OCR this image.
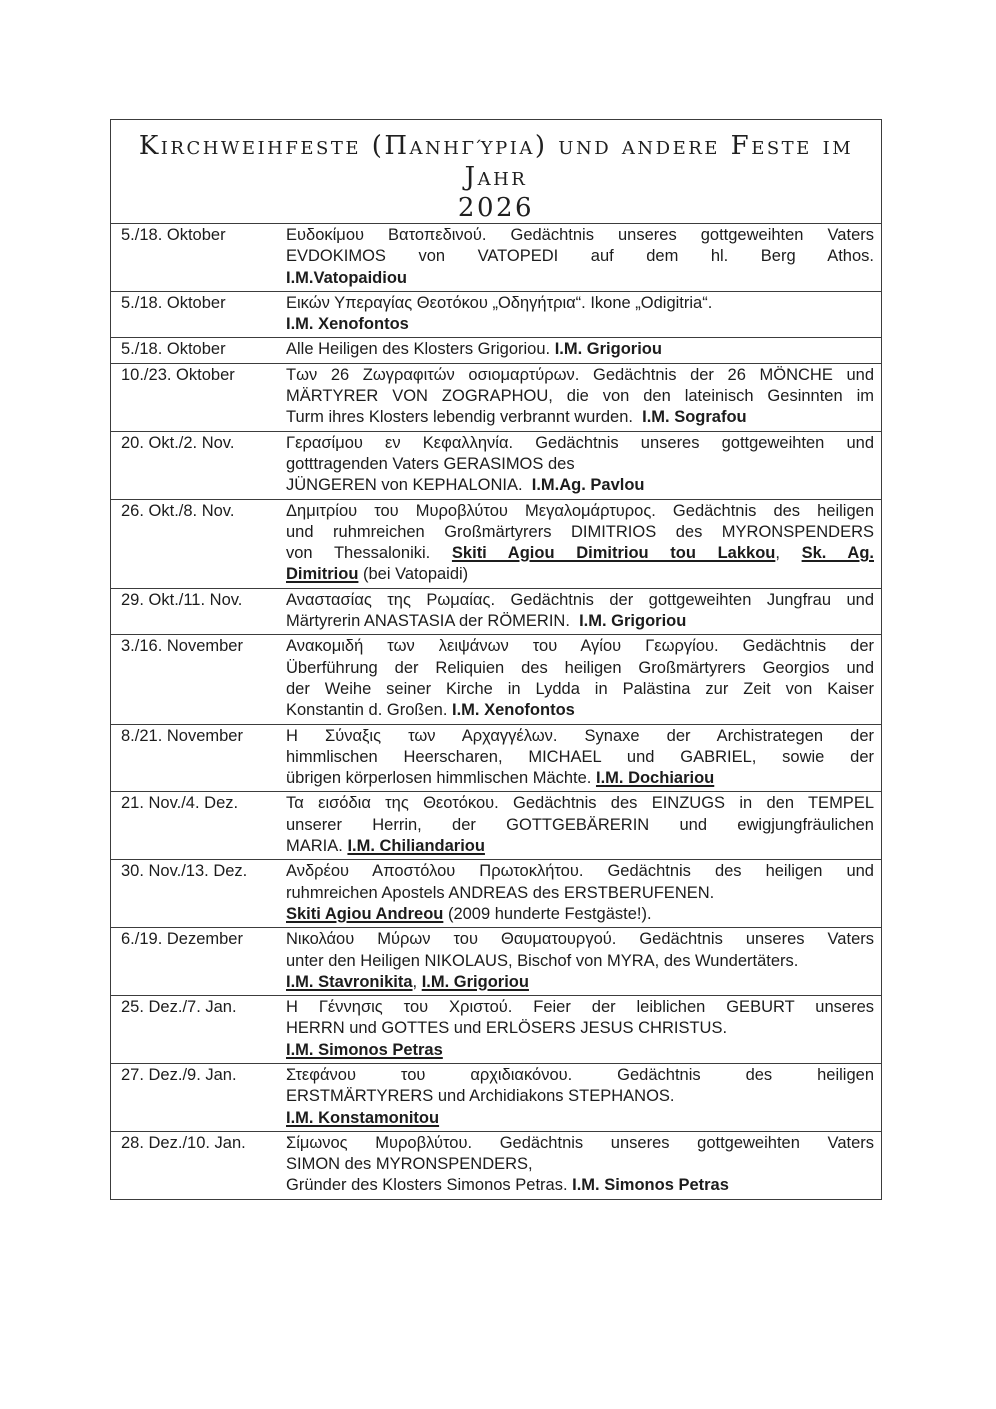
Kirchweihfeste (Πανηγύρια) und andere Feste im Jahr
2026
5./18. Oktober	Ευδοκίμου Βατοπεδινού. Gedächtnis unseres gottgeweihten Vaters
EVDOKIMOS von VATOPEDI auf dem hl. Berg Athos.
I.M.Vatopaidiou
5./18. Oktober	Εικών Υπεραγίας Θεοτόκου „Οδηγήτρια“. Ikone „Odigitria“.
I.M. Xenofontos
5./18. Oktober	Alle Heiligen des Klosters Grigoriou. I.M. Grigoriou
10./23. Oktober	Των 26 Ζωγραφιτών οσιομαρτύρων. Gedächtnis der 26 MÖNCHE und
MÄRTYRER VON ZOGRAPHOU, die von den lateinisch Gesinnten im
Turm ihres Klosters lebendig verbrannt wurden.  I.M. Sografou
20. Okt./2. Nov.	Γερασίμου εν Κεφαλληνία. Gedächtnis unseres gottgeweihten und
gotttragenden Vaters GERASIMOS des
JÜNGEREN von KEPHALONIA.  I.M.Ag. Pavlou
26. Okt./8. Nov.	Δημιτρίου του Μυροβλύτου Μεγαλομάρτυρος. Gedächtnis des heiligen
und ruhmreichen Großmärtyrers DIMITRIOS des MYRONSPENDERS
von Thessaloniki. Skiti Agiou Dimitriou tou Lakkou, Sk. Ag.
Dimitriou (bei Vatopaidi)
29. Okt./11. Nov.	Αναστασίας της Ρωμαίας. Gedächtnis der gottgeweihten Jungfrau und
Märtyrerin ANASTASIA der RÖMERIN.  I.M. Grigoriou
3./16. November	Ανακομιδή των λειψάνων του Αγίου Γεωργίου. Gedächtnis der
Überführung der Reliquien des heiligen Großmärtyrers Georgios und
der Weihe seiner Kirche in Lydda in Palästina zur Zeit von Kaiser
Konstantin d. Großen. I.M. Xenofontos
8./21. November	Η Σύναξις των Αρχαγγέλων. Synaxe der Archistrategen der
himmlischen Heerscharen, MICHAEL und GABRIEL, sowie der
übrigen körperlosen himmlischen Mächte. I.M. Dochiariou
21. Nov./4. Dez.	Τα εισόδια της Θεοτόκου. Gedächtnis des EINZUGS in den TEMPEL
unserer Herrin, der GOTTGEBÄRERIN und ewigjungfräulichen
MARIA. I.M. Chiliandariou
30. Nov./13. Dez.	Ανδρέου Αποστόλου Πρωτοκλήτου. Gedächtnis des heiligen und
ruhmreichen Apostels ANDREAS des ERSTBERUFENEN.
Skiti Agiou Andreou (2009 hunderte Festgäste!).
6./19. Dezember	Νικολάου Μύρων του Θαυματουργού. Gedächtnis unseres Vaters
unter den Heiligen NIKOLAUS, Bischof von MYRA, des Wundertäters.
I.M. Stavronikita, I.M. Grigoriou
25. Dez./7. Jan.	Η Γέννησις του Χριστού. Feier der leiblichen GEBURT unseres
HERRN und GOTTES und ERLÖSERS JESUS CHRISTUS.
I.M. Simonos Petras
27. Dez./9. Jan.	Στεφάνου του αρχιδιακόνου. Gedächtnis des heiligen
ERSTMÄRTYRERS und Archidiakons STEPHANOS.
I.M. Konstamonitou
28. Dez./10. Jan.	Σίμωνος Μυροβλύτου. Gedächtnis unseres gottgeweihten Vaters
SIMON des MYRONSPENDERS,
Gründer des Klosters Simonos Petras. I.M. Simonos Petras
